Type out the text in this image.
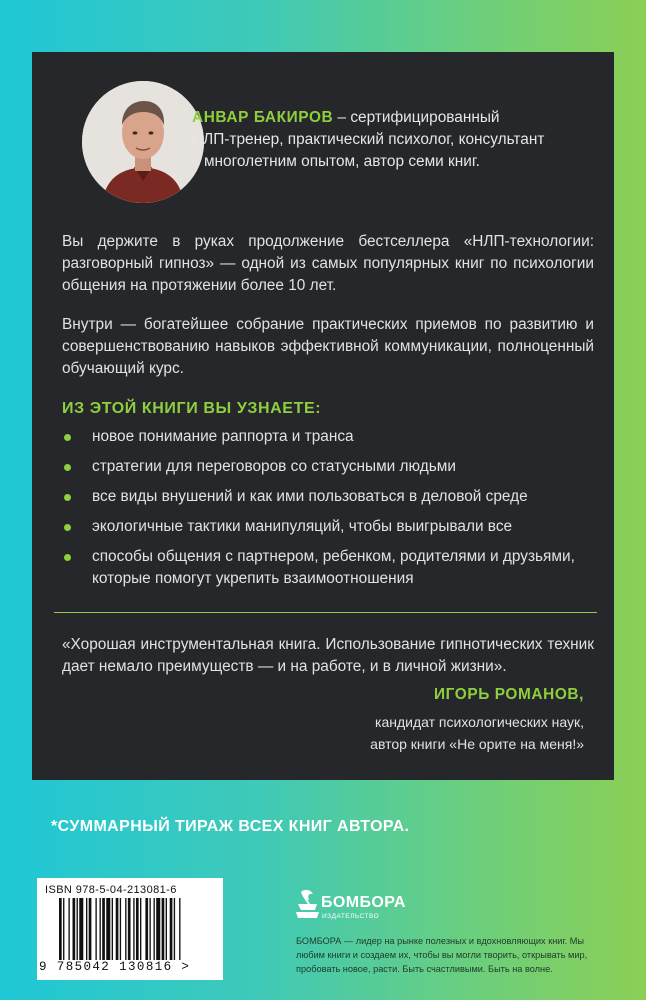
АНВАР БАКИРОВ – сертифицированный
НЛП-тренер, практический психолог, консультант
с многолетним опытом, автор семи книг.
Вы держите в руках продолжение бестселлера «НЛП-технологии: разговорный гипноз» — одной из самых популярных книг по психологии общения на протяжении более 10 лет.
Внутри — богатейшее собрание практических приемов по развитию и совершенствованию навыков эффективной коммуникации, полноценный обучающий курс.
ИЗ ЭТОЙ КНИГИ ВЫ УЗНАЕТЕ:
новое понимание раппорта и транса
стратегии для переговоров со статусными людьми
все виды внушений и как ими пользоваться в деловой среде
экологичные тактики манипуляций, чтобы выигрывали все
способы общения с партнером, ребенком, родителями и друзьями, которые помогут укрепить взаимоотношения
«Хорошая инструментальная книга. Использование гипнотических техник дает немало преимуществ — и на работе, и в личной жизни».
ИГОРЬ РОМАНОВ,
кандидат психологических наук,
автор книги «Не орите на меня!»
*СУММАРНЫЙ ТИРАЖ ВСЕХ КНИГ АВТОРА.
ISBN 978-5-04-213081-6
9 785042 130816 >
БОМБОРА
ИЗДАТЕЛЬСТВО
БОМБОРА — лидер на рынке полезных и вдохновляющих книг. Мы любим книги и создаем их, чтобы вы могли творить, открывать мир, пробовать новое, расти. Быть счастливыми. Быть на волне.
